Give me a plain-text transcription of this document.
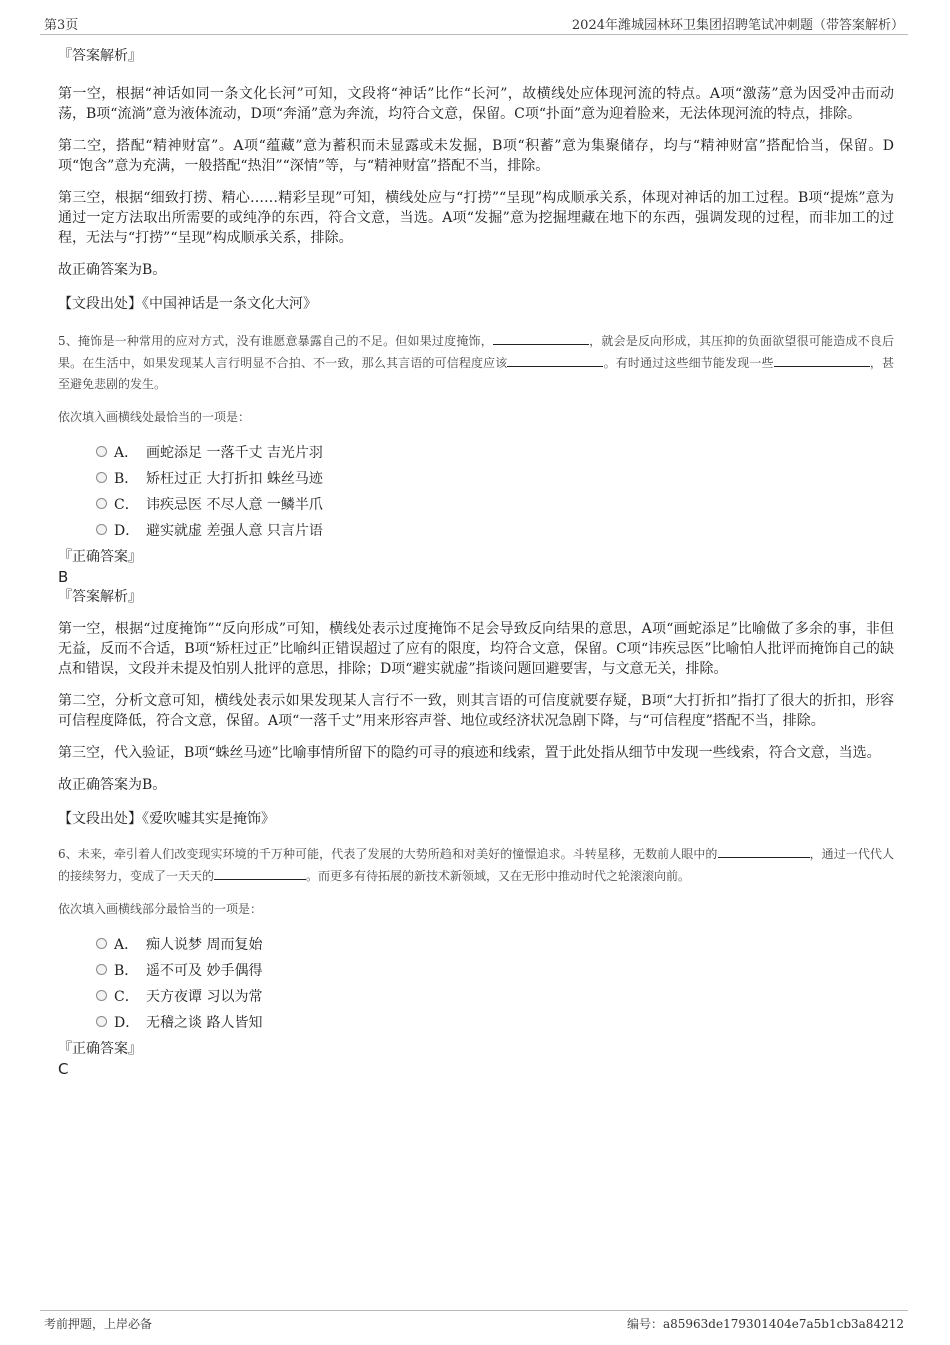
第3页	2024年潍城园林环卫集团招聘笔试冲刺题（带答案解析）

『答案解析』

第一空，根据“神话如同一条文化长河”可知，文段将“神话”比作“长河”，故横线处应体现河流的特点。A项“激荡”意为因受冲击而动荡，B项“流淌”意为液体流动，D项“奔涌”意为奔流，均符合文意，保留。C项“扑面”意为迎着脸来，无法体现河流的特点，排除。

第二空，搭配“精神财富”。A项“蕴藏”意为蓄积而未显露或未发掘，B项“积蓄”意为集聚储存，均与“精神财富”搭配恰当，保留。D项“饱含”意为充满，一般搭配“热泪”“深情”等，与“精神财富”搭配不当，排除。

第三空，根据“细致打捞、精心……精彩呈现”可知，横线处应与“打捞”“呈现”构成顺承关系，体现对神话的加工过程。B项“提炼”意为通过一定方法取出所需要的或纯净的东西，符合文意，当选。A项“发掘”意为挖掘埋藏在地下的东西，强调发现的过程，而非加工的过程，无法与“打捞”“呈现”构成顺承关系，排除。

故正确答案为B。

【文段出处】《中国神话是一条文化大河》

5、掩饰是一种常用的应对方式，没有谁愿意暴露自己的不足。但如果过度掩饰，	，就会是反向形成，其压抑的负面欲望很可能造成不良后果。在生活中，如果发现某人言行明显不合拍、不一致，那么其言语的可信程度应该	。有时通过这些细节能发现一些	，甚至避免悲剧的发生。

依次填入画横线处最恰当的一项是：

A． 画蛇添足 一落千丈 吉光片羽
B． 矫枉过正 大打折扣 蛛丝马迹
C． 讳疾忌医 不尽人意 一鳞半爪
D． 避实就虚 差强人意 只言片语

『正确答案』

B

『答案解析』

第一空，根据“过度掩饰”“反向形成”可知，横线处表示过度掩饰不足会导致反向结果的意思，A项“画蛇添足”比喻做了多余的事，非但无益，反而不合适，B项“矫枉过正”比喻纠正错误超过了应有的限度，均符合文意，保留。C项“讳疾忌医”比喻怕人批评而掩饰自己的缺点和错误，文段并未提及怕别人批评的意思，排除；D项“避实就虚”指谈问题回避要害，与文意无关，排除。

第二空，分析文意可知，横线处表示如果发现某人言行不一致，则其言语的可信度就要存疑，B项“大打折扣”指打了很大的折扣，形容可信程度降低，符合文意，保留。A项“一落千丈”用来形容声誉、地位或经济状况急剧下降，与“可信程度”搭配不当，排除。

第三空，代入验证，B项“蛛丝马迹”比喻事情所留下的隐约可寻的痕迹和线索，置于此处指从细节中发现一些线索，符合文意，当选。

故正确答案为B。

【文段出处】《爱吹嘘其实是掩饰》

6、未来，牵引着人们改变现实环境的千万种可能，代表了发展的大势所趋和对美好的憧憬追求。斗转星移，无数前人眼中的	，通过一代代人的接续努力，变成了一天天的	。而更多有待拓展的新技术新领域，又在无形中推动时代之轮滚滚向前。

依次填入画横线部分最恰当的一项是：

A． 痴人说梦 周而复始
B． 遥不可及 妙手偶得
C． 天方夜谭 习以为常
D． 无稽之谈 路人皆知

『正确答案』

C

考前押题，上岸必备	编号：a85963de179301404e7a5b1cb3a84212
